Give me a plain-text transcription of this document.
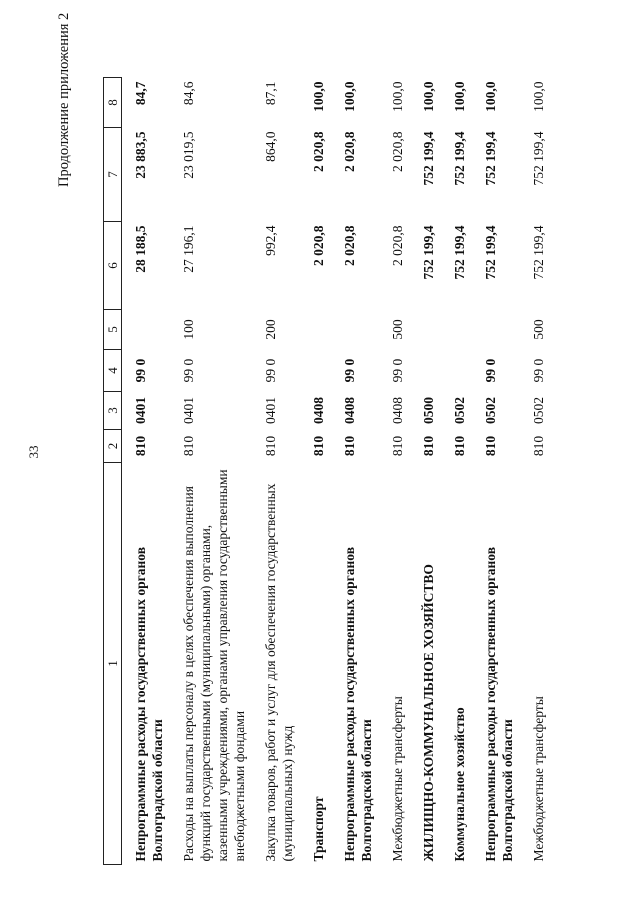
33
Продолжение приложения 2
1	2	3	4	5	6	7	8

Непрограммные расходы государственных органов Волгоградской области	810	0401	99 0		28 188,5	23 883,5	84,7

Расходы на выплаты персоналу в целях обеспечения выполнения функций государственными (муниципальными) органами, казенными учреждениями, органами управления государственными внебюджетными фондами	810	0401	99 0	100	27 196,1	23 019,5	84,6

Закупка товаров, работ и услуг для обеспечения государственных (муниципальных) нужд	810	0401	99 0	200	992,4	864,0	87,1

Транспорт	810	0408			2 020,8	2 020,8	100,0

Непрограммные расходы государственных органов Волгоградской области	810	0408	99 0		2 020,8	2 020,8	100,0

Межбюджетные трансферты	810	0408	99 0	500	2 020,8	2 020,8	100,0

ЖИЛИЩНО-КОММУНАЛЬНОЕ ХОЗЯЙСТВО	810	0500			752 199,4	752 199,4	100,0

Коммунальное хозяйство	810	0502			752 199,4	752 199,4	100,0

Непрограммные расходы государственных органов Волгоградской области	810	0502	99 0		752 199,4	752 199,4	100,0

Межбюджетные трансферты	810	0502	99 0	500	752 199,4	752 199,4	100,0
